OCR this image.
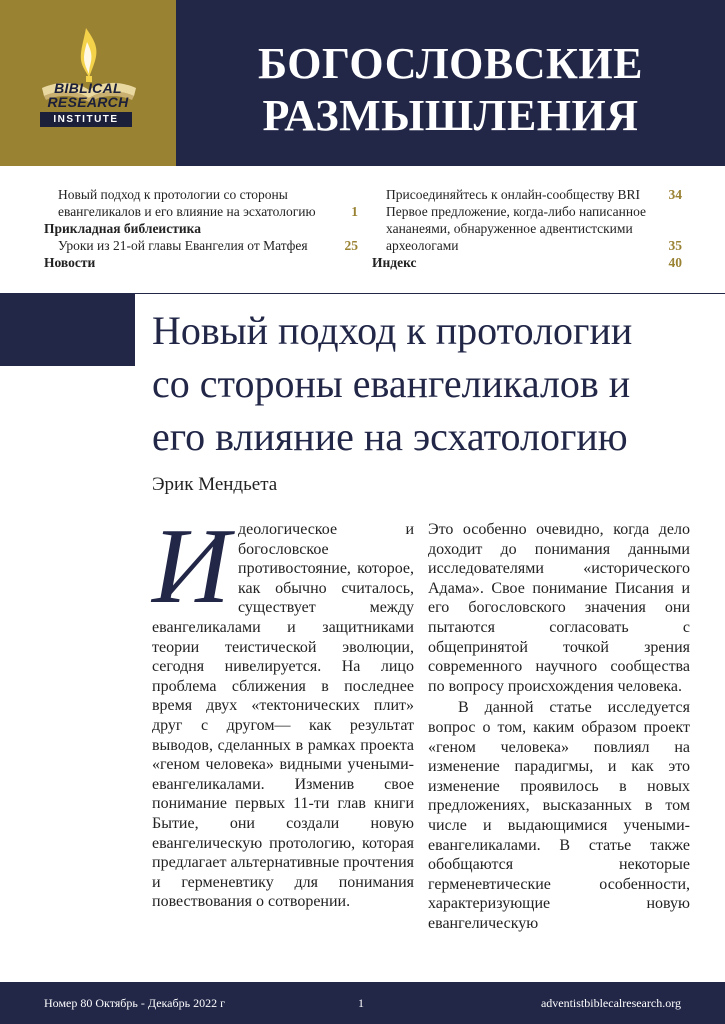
BIBLICAL
RESEARCH
INSTITUTE
БОГОСЛОВСКИЕ
РАЗМЫШЛЕНИЯ
Новый подход к протологии со стороны евангеликалов и его влияние на эсхатологию	1
Прикладная библеистика
Уроки из 21-ой главы Евангелия от Матфея	25
Новости
Присоединяйтесь к онлайн-сообществу BRI 34
Первое предложение, когда-либо написанное хананеями, обнаруженное адвентистскими археологами	35
Индекс	40
Новый подход к протологии
со стороны евангеликалов и
его влияние на эсхатологию
Эрик Мендьета
И деологическое и богословское противостояние, которое, как обычно считалось, существует между евангеликалами и защитниками теории теистической эволюции, сегодня нивелируется. На лицо проблема сближения в последнее время двух «тектонических плит» друг с другом— как результат выводов, сделанных в рамках проекта «геном человека» видными учеными-евангеликалами. Изменив свое понимание первых 11-ти глав книги Бытие, они создали новую евангелическую протологию, которая предлагает альтернативные прочтения и герменевтику для понимания повествования о сотворении.

Это особенно очевидно, когда дело доходит до понимания данными исследователями «исторического Адама». Свое понимание Писания и его богословского значения они пытаются согласовать с общепринятой точкой зрения современного научного сообщества по вопросу происхождения человека.

В данной статье исследуется вопрос о том, каким образом проект «геном человека» повлиял на изменение парадигмы, и как это изменение проявилось в новых предложениях, высказанных в том числе и выдающимися учеными-евангеликалами. В статье также обобщаются некоторые герменевтические особенности, характеризующие новую евангелическую

Номер 80 Октябрь - Декабрь 2022 г	1	adventistbiblecalresearch.org
